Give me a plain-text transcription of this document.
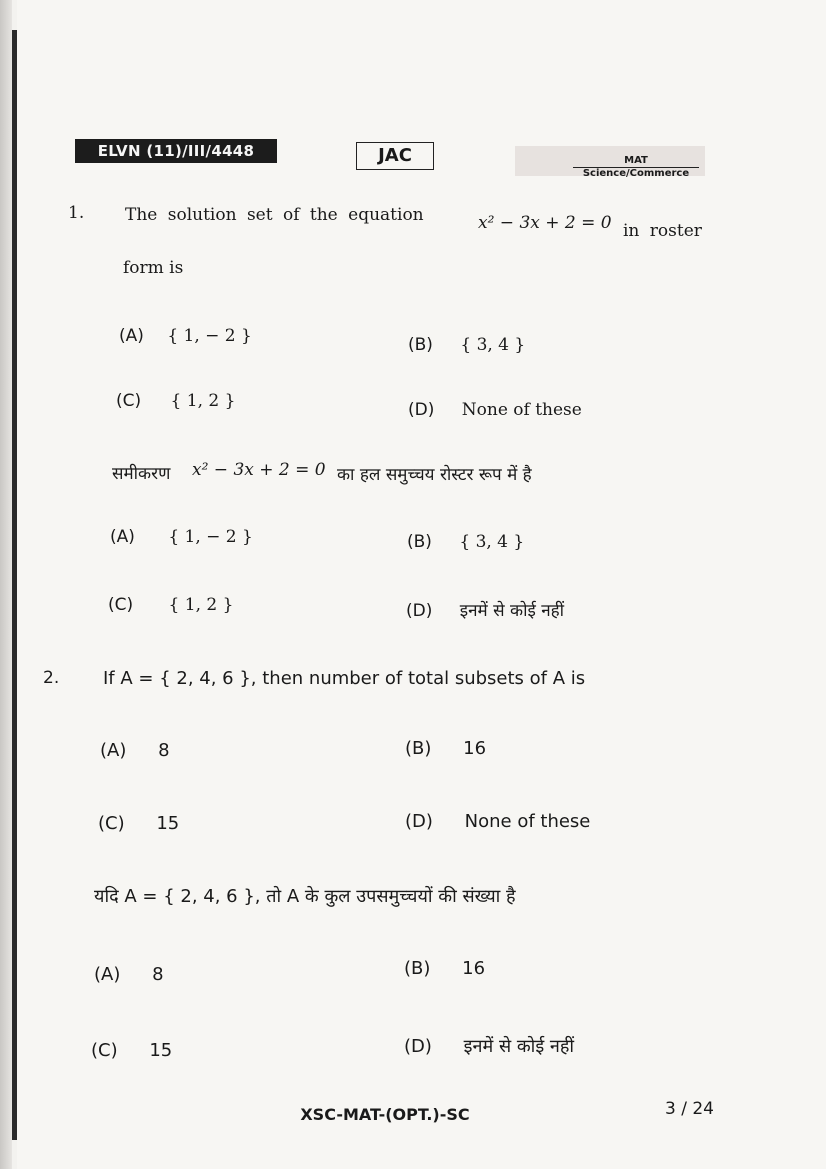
ELVN (11)/III/4448	JAC	MAT
Science/Commerce
1. The solution set of the equation	x² − 3x + 2 = 0 in roster
form is
(A) { 1, − 2 }	(B) { 3, 4 }
(C) { 1, 2 }	(D) None of these
समीकरण x² − 3x + 2 = 0 का हल समुच्चय रोस्टर रूप में है
(A) { 1, − 2 }	(B) { 3, 4 }
(C) { 1, 2 }	(D) इनमें से कोई नहीं
2. If A = { 2, 4, 6 }, then number of total subsets of A is
(A) 8	(B) 16
(C) 15	(D) None of these
यदि A = { 2, 4, 6 }, तो A के कुल उपसमुच्चयों की संख्या है
(A) 8	(B) 16
(C) 15	(D) इनमें से कोई नहीं
XSC-MAT-(OPT.)-SC	3 / 24
